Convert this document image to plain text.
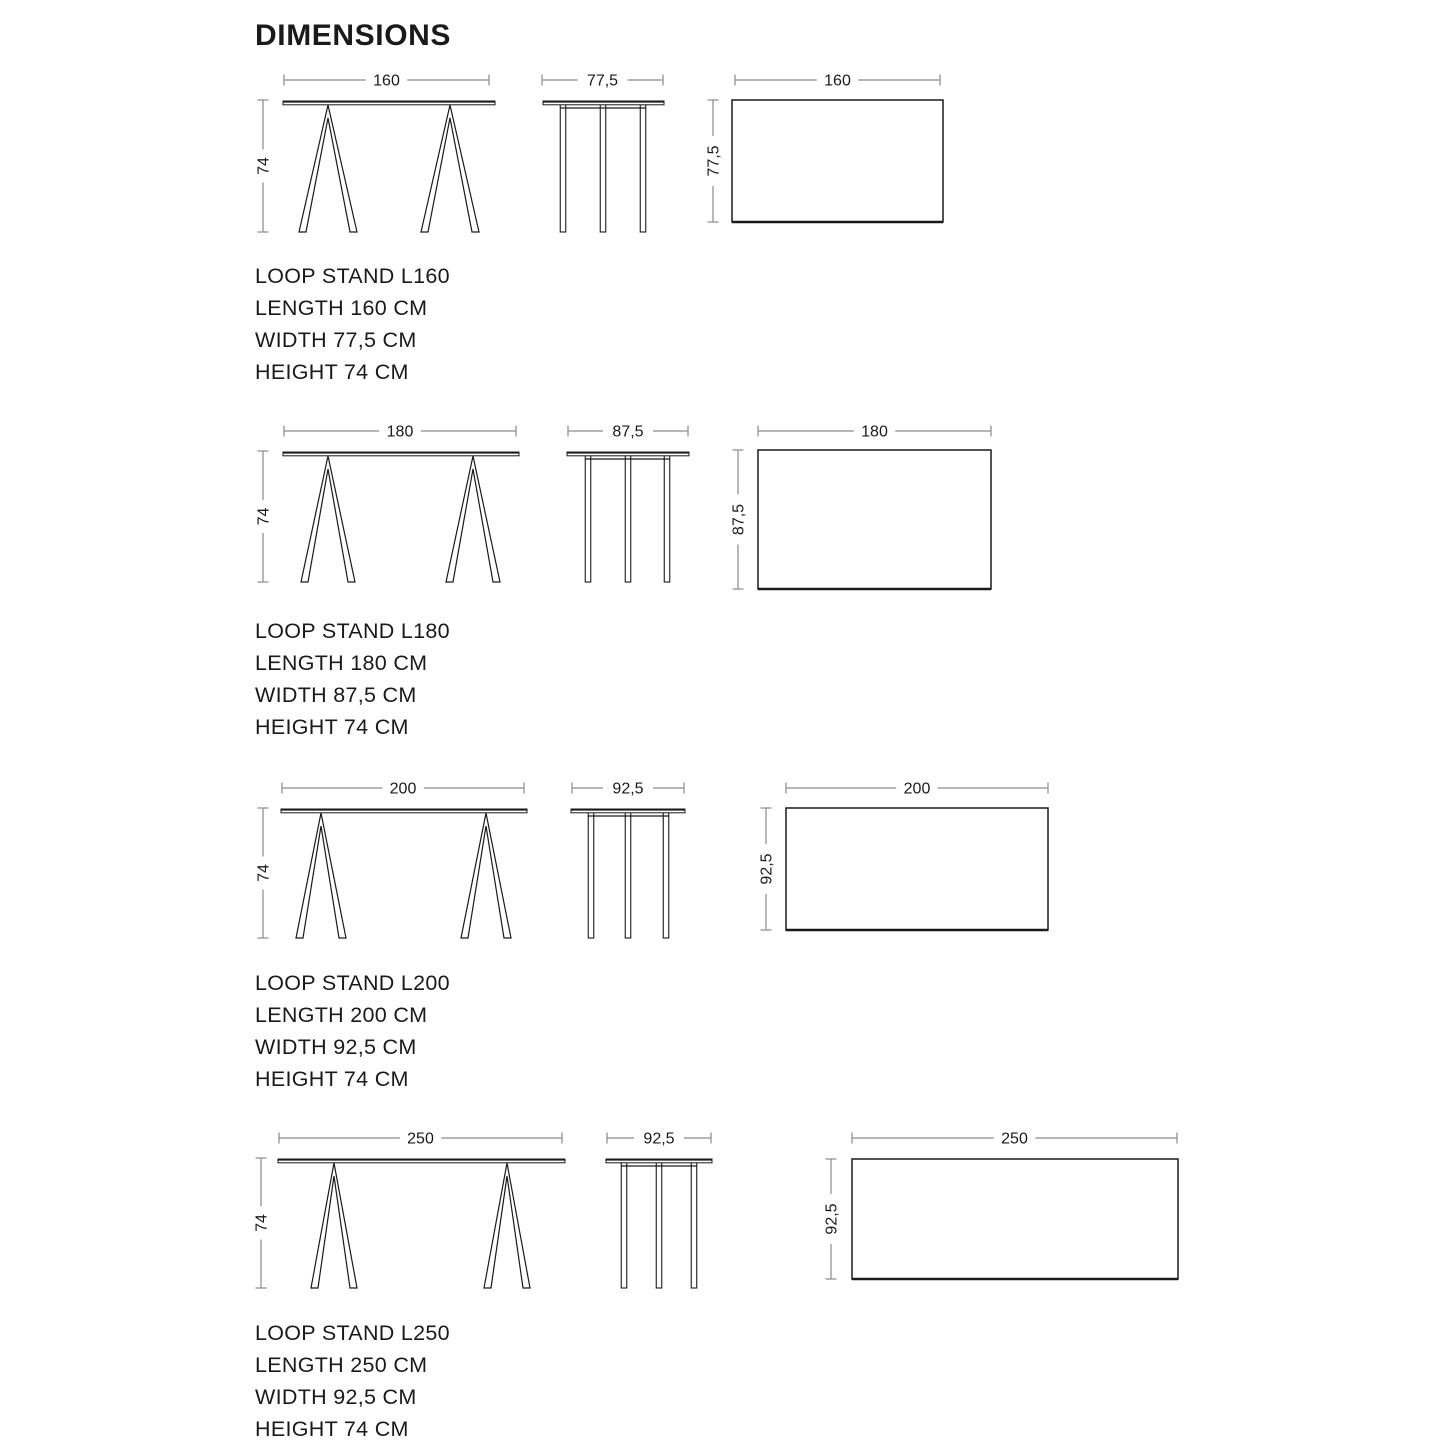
DIMENSIONS
160
74
77,5	160
77,5
180
74
87,5	180
87,5
200
74
92,5	200
92,5
250
74
92,5	250
92,5
LOOP STAND L160
LENGTH 160 CM
WIDTH 77,5 CM
HEIGHT 74 CM
LOOP STAND L180
LENGTH 180 CM
WIDTH 87,5 CM
HEIGHT 74 CM
LOOP STAND L200
LENGTH 200 CM
WIDTH 92,5 CM
HEIGHT 74 CM
LOOP STAND L250
LENGTH 250 CM
WIDTH 92,5 CM
HEIGHT 74 CM
